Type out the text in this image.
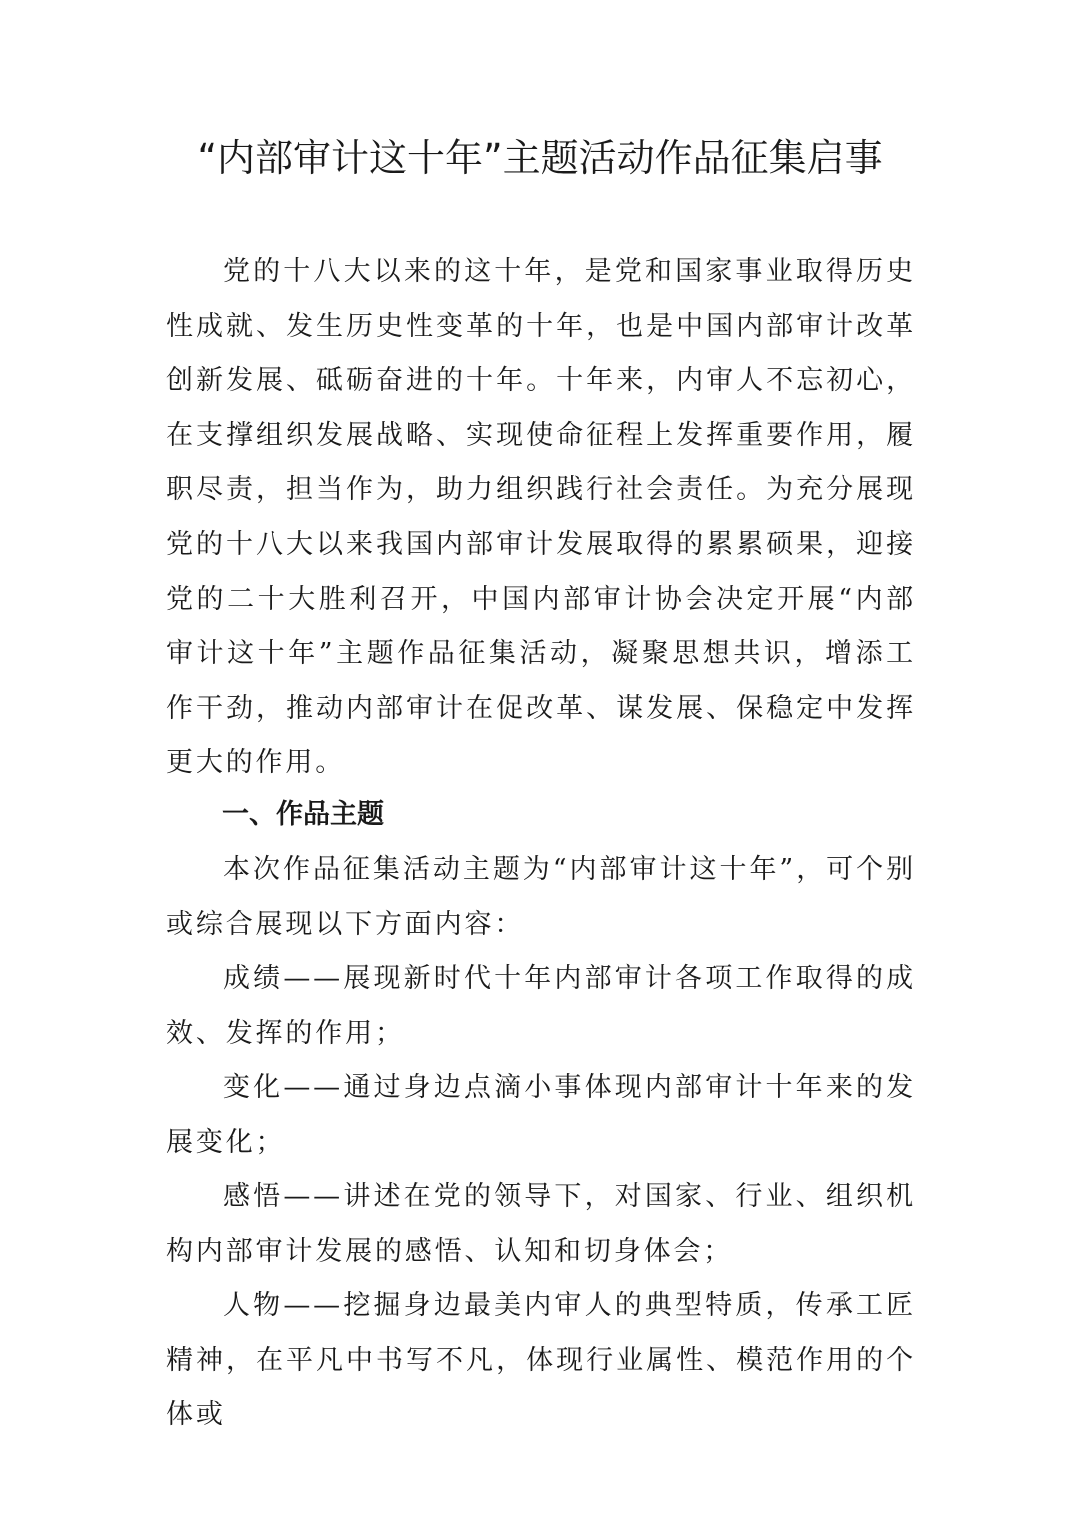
“内部审计这十年”主题活动作品征集启事

党的十八大以来的这十年，是党和国家事业取得历史性成就、发生历史性变革的十年，也是中国内部审计改革创新发展、砥砺奋进的十年。十年来，内审人不忘初心，在支撑组织发展战略、实现使命征程上发挥重要作用，履职尽责，担当作为，助力组织践行社会责任。为充分展现党的十八大以来我国内部审计发展取得的累累硕果，迎接党的二十大胜利召开，中国内部审计协会决定开展“内部审计这十年”主题作品征集活动，凝聚思想共识，增添工作干劲，推动内部审计在促改革、谋发展、保稳定中发挥更大的作用。

一、作品主题

本次作品征集活动主题为“内部审计这十年”，可个别或综合展现以下方面内容：

成绩——展现新时代十年内部审计各项工作取得的成效、发挥的作用；

变化——通过身边点滴小事体现内部审计十年来的发展变化；

感悟——讲述在党的领导下，对国家、行业、组织机构内部审计发展的感悟、认知和切身体会；

人物——挖掘身边最美内审人的典型特质，传承工匠精神，在平凡中书写不凡，体现行业属性、模范作用的个体或
